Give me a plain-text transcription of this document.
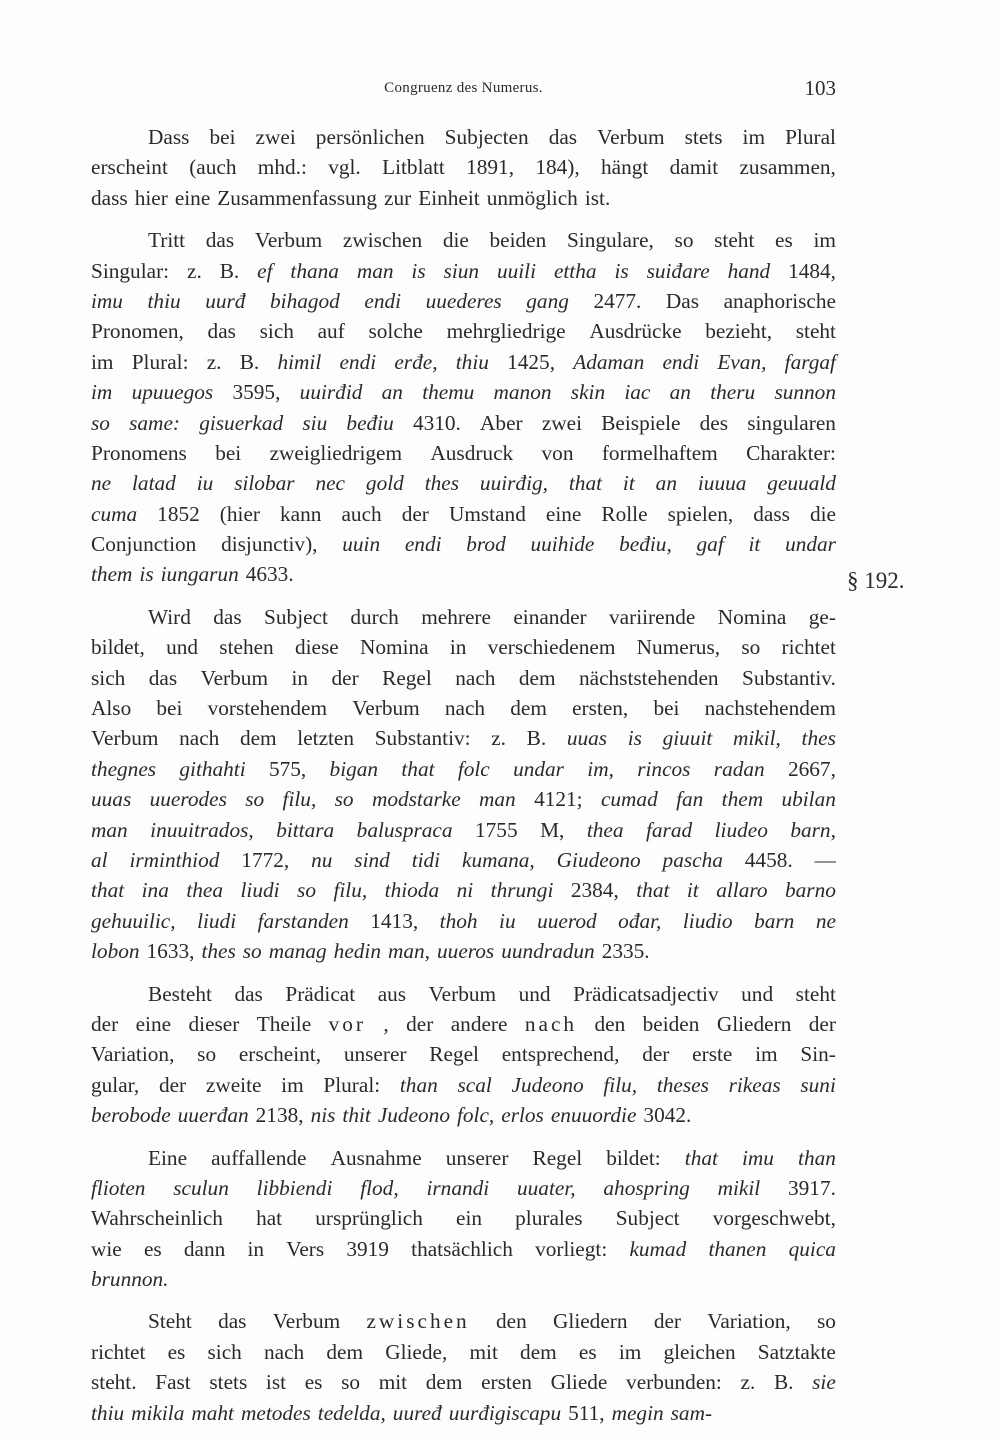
Congruenz des Numerus.	103
§ 192.
Dass bei zwei persönlichen Subjecten das Verbum stets im Plural
erscheint (auch mhd.: vgl. Litblatt 1891, 184), hängt damit zusammen,
dass hier eine Zusammenfassung zur Einheit unmöglich ist.
Tritt das Verbum zwischen die beiden Singulare, so steht es im
Singular: z. B. ef thana man is siun uuili ettha is suiđare hand 1484,
imu thiu uurđ bihagod endi uuederes gang 2477. Das anaphorische
Pronomen, das sich auf solche mehrgliedrige Ausdrücke bezieht, steht
im Plural: z. B. himil endi erđe, thiu 1425, Adaman endi Evan, fargaf
im upuuegos 3595, uuirđid an themu manon skin iac an theru sunnon
so same: gisuerkad siu beđiu 4310. Aber zwei Beispiele des singularen
Pronomens bei zweigliedrigem Ausdruck von formelhaftem Charakter:
ne latad iu silobar nec gold thes uuirđig, that it an iuuua geuuald
cuma 1852 (hier kann auch der Umstand eine Rolle spielen, dass die
Conjunction disjunctiv), uuin endi brod uuihide beđiu, gaf it undar
them is iungarun 4633.
Wird das Subject durch mehrere einander variirende Nomina ge-
bildet, und stehen diese Nomina in verschiedenem Numerus, so richtet
sich das Verbum in der Regel nach dem nächststehenden Substantiv.
Also bei vorstehendem Verbum nach dem ersten, bei nachstehendem
Verbum nach dem letzten Substantiv: z. B. uuas is giuuit mikil, thes
thegnes githahti 575, bigan that folc undar im, rincos radan 2667,
uuas uuerodes so filu, so modstarke man 4121; cumad fan them ubilan
man inuuitrados, bittara baluspraca 1755 M, thea farad liudeo barn,
al irminthiod 1772, nu sind tidi kumana, Giudeono pascha 4458. —
that ina thea liudi so filu, thioda ni thrungi 2384, that it allaro barno
gehuuilic, liudi farstanden 1413, thoh iu uuerod ođar, liudio barn ne
lobon 1633, thes so manag hedin man, uueros uundradun 2335.
Besteht das Prädicat aus Verbum und Prädicatsadjectiv und steht
der eine dieser Theile vor , der andere nach den beiden Gliedern der
Variation, so erscheint, unserer Regel entsprechend, der erste im Sin-
gular, der zweite im Plural: than scal Judeono filu, theses rikeas suni
berobode uuerđan 2138, nis thit Judeono folc, erlos enuuordie 3042.
Eine auffallende Ausnahme unserer Regel bildet: that imu than
flioten sculun libbiendi flod, irnandi uuater, ahospring mikil 3917.
Wahrscheinlich hat ursprünglich ein plurales Subject vorgeschwebt,
wie es dann in Vers 3919 thatsächlich vorliegt: kumad thanen quica
brunnon.
Steht das Verbum zwischen den Gliedern der Variation, so
richtet es sich nach dem Gliede, mit dem es im gleichen Satztakte
steht. Fast stets ist es so mit dem ersten Gliede verbunden: z. B. sie
thiu mikila maht metodes tedelda, uuređ uurđigiscapu 511, megin sam-
